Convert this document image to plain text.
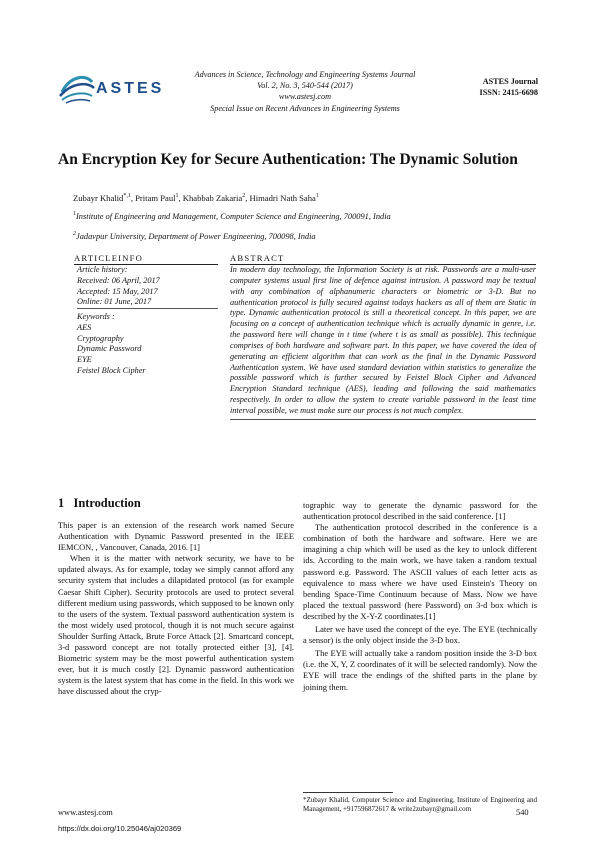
ASTES
Advances in Science, Technology and Engineering Systems Journal
Vol. 2, No. 3, 540-544 (2017)
www.astesj.com
Special Issue on Recent Advances in Engineering Systems
ASTES Journal
ISSN: 2415-6698
An Encryption Key for Secure Authentication: The Dynamic Solution
Zubayr Khalid$^{*,1}$, Pritam Paul$^1$, Khabbab Zakaria$^2$, Himadri Nath Saha$^1$
$^1$Institute of Engineering and Management, Computer Science and Engineering, 700091, India
$^2$Jadavpur University, Department of Power Engineering, 700098, India
ARTICLEINFO
Article history:
Received: 06 April, 2017
Accepted: 15 May, 2017
Online: 01 June, 2017
Keywords :
AES
Cryptography
Dynamic Password
EYE
Feistel Block Cipher
ABSTRACT
In modern day technology, the Information Society is at risk. Passwords are a multi-user computer systems usual first line of defence against intrusion. A password may be textual with any combination of alphanumeric characters or biometric or 3-D. But no authentication protocol is fully secured against todays hackers as all of them are Static in type. Dynamic authentication protocol is still a theoretical concept. In this paper, we are focusing on a concept of authentication technique which is actually dynamic in genre, i.e. the password here will change in t time (where t is as small as possible). This technique comprises of both hardware and software part. In this paper, we have covered the idea of generating an efficient algorithm that can work as the final in the Dynamic Password Authentication system. We have used standard deviation within statistics to generalize the possible password which is further secured by Feistel Block Cipher and Advanced Encryption Standard technique (AES), leading and following the said mathematics respectively. In order to allow the system to create variable password in the least time interval possible, we must make sure our process is not much complex.
1 Introduction

This paper is an extension of the research work named Secure Authentication with Dynamic Password presented in the IEEE IEMCON, , Vancouver, Canada, 2016. [1]

When it is the matter with network security, we have to be updated always. As for example, today we simply cannot afford any security system that includes a dilapidated protocol (as for example Caesar Shift Cipher). Security protocols are used to protect several different medium using passwords, which supposed to be known only to the users of the system. Textual password authentication system is the most widely used protocol, though it is not much secure against Shoulder Surfing Attack, Brute Force Attack [2]. Smartcard concept, 3-d password concept are not totally protected either [3], [4]. Biometric system may be the most powerful authentication system ever, but it is much costly [2]. Dynamic password authentication system is the latest system that has come in the field. In this work we have discussed about the cryp-

tographic way to generate the dynamic password for the authentication protocol described in the said conference. [1]

The authentication protocol described in the conference is a combination of both the hardware and software. Here we are imagining a chip which will be used as the key to unlock different ids. According to the main work, we have taken a random textual password e.g. Password. The ASCII values of each letter acts as equivalence to mass where we have used Einstein's Theory on bending Space-Time Continuum because of Mass. Now we have placed the textual password (here Password) on 3-d box which is described by the X-Y-Z coordinates.[1]

Later we have used the concept of the eye. The EYE (technically a sensor) is the only object inside the 3-D box.

The EYE will actually take a random position inside the 3-D box (i.e. the X, Y, Z coordinates of it will be selected randomly). Now the EYE will trace the endings of the shifted parts in the plane by joining them.

www.astesj.com	540
*Zubayr Khalid, Computer Science and Engineering, Institute of Engineering and Management, +917596872617 & write2zubayr@gmail.com
https://dx.doi.org/10.25046/aj020369
